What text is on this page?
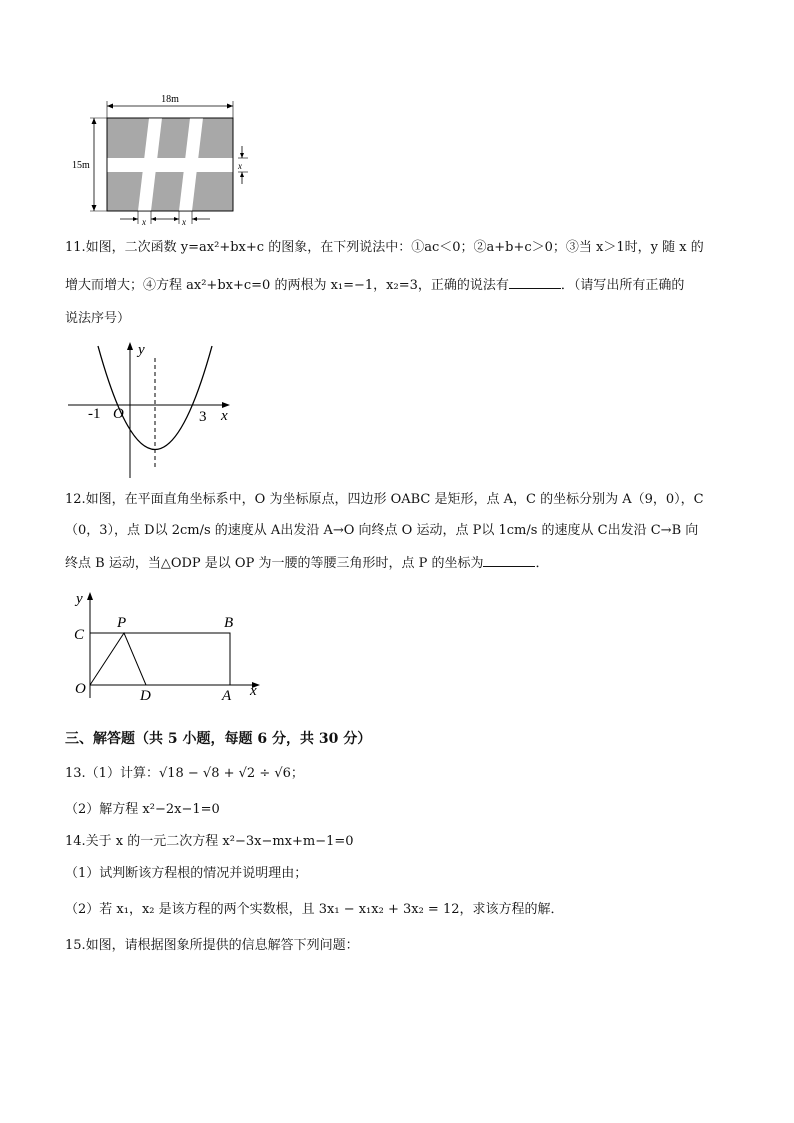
18m
15m	x
x	x
11.如图，二次函数 y=ax²+bx+c 的图象，在下列说法中：①ac＜0；②a+b+c＞0；③当 x＞1时，y 随 x 的
增大而增大；④方程 ax²+bx+c=0 的两根为 x₁=−1，x₂=3，正确的说法有	．（请写出所有正确的
说法序号）
y
x
O
-1	3
12.如图，在平面直角坐标系中，O 为坐标原点，四边形 OABC 是矩形，点 A，C 的坐标分别为 A（9，0），C
（0，3），点 D以 2cm/s 的速度从 A出发沿 A→O 向终点 O 运动，点 P以 1cm/s 的速度从 C出发沿 C→B 向
终点 B 运动，当△ODP 是以 OP 为一腰的等腰三角形时，点 P 的坐标为	．
y
x
O
C
P	B
D	A
三、解答题（共 5 小题，每题 6 分，共 30 分）
13.（1）计算：√18 − √8 + √2 ÷ √6；
（2）解方程 x²−2x−1=0
14.关于 x 的一元二次方程 x²−3x−mx+m−1=0
（1）试判断该方程根的情况并说明理由；
（2）若 x₁，x₂ 是该方程的两个实数根，且 3x₁ − x₁x₂ + 3x₂ = 12，求该方程的解．
15.如图，请根据图象所提供的信息解答下列问题：
